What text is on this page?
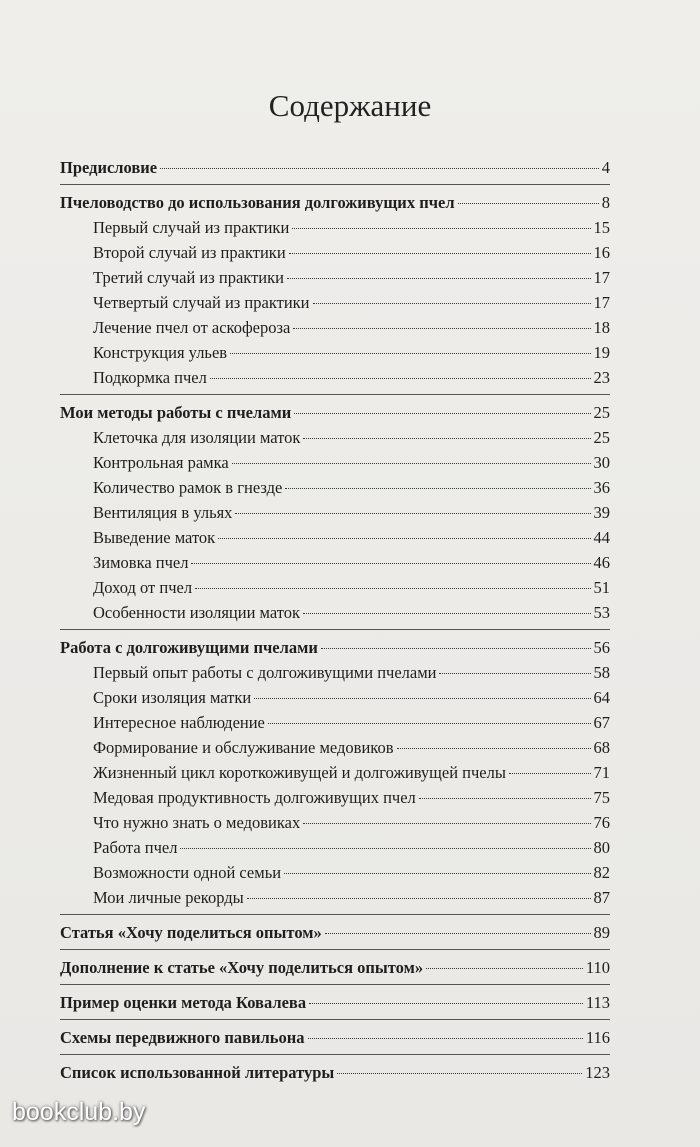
Содержание
Предисловие	4
Пчеловодство до использования долгоживущих пчел	8
Первый случай из практики	15
Второй случай из практики	16
Третий случай из практики	17
Четвертый случай из практики	17
Лечение пчел от аскофероза	18
Конструкция ульев	19
Подкормка пчел	23
Мои методы работы с пчелами	25
Клеточка для изоляции маток	25
Контрольная рамка	30
Количество рамок в гнезде	36
Вентиляция в ульях	39
Выведение маток	44
Зимовка пчел	46
Доход от пчел	51
Особенности изоляции маток	53
Работа с долгоживущими пчелами	56
Первый опыт работы с долгоживущими пчелами	58
Сроки изоляция матки	64
Интересное наблюдение	67
Формирование и обслуживание медовиков	68
Жизненный цикл короткоживущей и долгоживущей пчелы	71
Медовая продуктивность долгоживущих пчел	75
Что нужно знать о медовиках	76
Работа пчел	80
Возможности одной семьи	82
Мои личные рекорды	87
Статья «Хочу поделиться опытом»	89
Дополнение к статье «Хочу поделиться опытом»	110
Пример оценки метода Ковалева	113
Схемы передвижного павильона	116
Список использованной литературы	123
bookclub.by
